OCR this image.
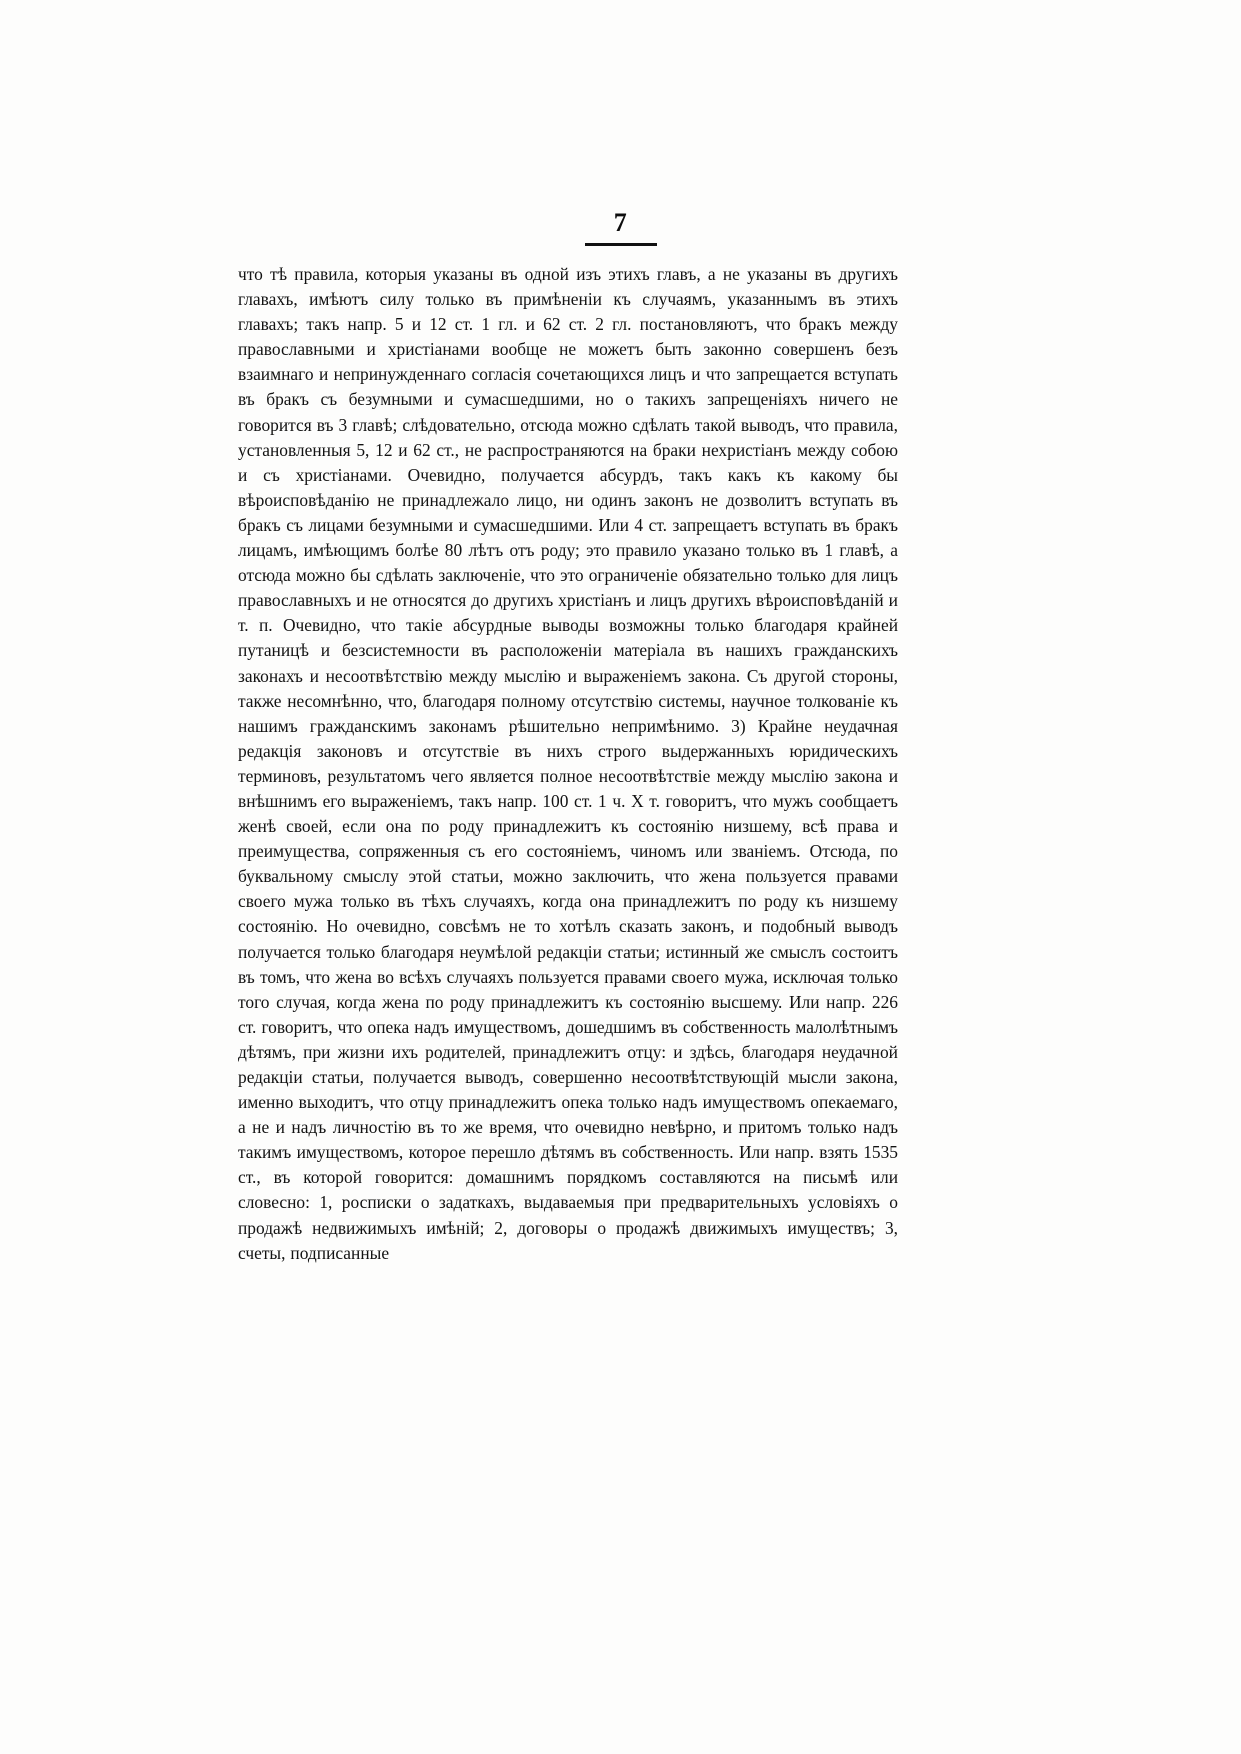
7

что тѣ правила, которыя указаны въ одной изъ этихъ главъ, а не указаны въ другихъ главахъ, имѣютъ силу только въ примѣненіи къ случаямъ, указаннымъ въ этихъ главахъ; такъ напр. 5 и 12 ст. 1 гл. и 62 ст. 2 гл. постановляютъ, что бракъ между православными и христіанами вообще не можетъ быть законно совершенъ безъ взаимнаго и непринужденнаго согласія сочетающихся лицъ и что запрещается вступать въ бракъ съ безумными и сумасшедшими, но о такихъ запрещеніяхъ ничего не говорится въ 3 главѣ; слѣдовательно, отсюда можно сдѣлать такой выводъ, что правила, установленныя 5, 12 и 62 ст., не распространяются на браки нехристіанъ между собою и съ христіанами. Очевидно, получается абсурдъ, такъ какъ къ какому бы вѣроисповѣданію не принадлежало лицо, ни одинъ законъ не дозволитъ вступать въ бракъ съ лицами безумными и сумасшедшими. Или 4 ст. запрещаетъ вступать въ бракъ лицамъ, имѣющимъ болѣе 80 лѣтъ отъ роду; это правило указано только въ 1 главѣ, а отсюда можно бы сдѣлать заключеніе, что это ограниченіе обязательно только для лицъ православныхъ и не относятся до другихъ христіанъ и лицъ другихъ вѣроисповѣданій и т. п. Очевидно, что такіе абсурдные выводы возможны только благодаря крайней путаницѣ и безсистемности въ расположеніи матеріала въ нашихъ гражданскихъ законахъ и несоотвѣтствію между мыслію и выраженіемъ закона. Съ другой стороны, также несомнѣнно, что, благодаря полному отсутствію системы, научное толкованіе къ нашимъ гражданскимъ законамъ рѣшительно непримѣнимо. 3) Крайне неудачная редакція законовъ и отсутствіе въ нихъ строго выдержанныхъ юридическихъ терминовъ, результатомъ чего является полное несоотвѣтствіе между мыслію закона и внѣшнимъ его выраженіемъ, такъ напр. 100 ст. 1 ч. X т. говоритъ, что мужъ сообщаетъ женѣ своей, если она по роду принадлежитъ къ состоянію низшему, всѣ права и преимущества, сопряженныя съ его состояніемъ, чиномъ или званіемъ. Отсюда, по буквальному смыслу этой статьи, можно заключить, что жена пользуется правами своего мужа только въ тѣхъ случаяхъ, когда она принадлежитъ по роду къ низшему состоянію. Но очевидно, совсѣмъ не то хотѣлъ сказать законъ, и подобный выводъ получается только благодаря неумѣлой редакціи статьи; истинный же смыслъ состоитъ въ томъ, что жена во всѣхъ случаяхъ пользуется правами своего мужа, исключая только того случая, когда жена по роду принадлежитъ къ состоянію высшему. Или напр. 226 ст. говоритъ, что опека надъ имуществомъ, дошедшимъ въ собственность малолѣтнымъ дѣтямъ, при жизни ихъ родителей, принадлежитъ отцу: и здѣсь, благодаря неудачной редакціи статьи, получается выводъ, совершенно несоотвѣтствующій мысли закона, именно выходитъ, что отцу принадлежитъ опека только надъ имуществомъ опекаемаго, а не и надъ личностію въ то же время, что очевидно невѣрно, и притомъ только надъ такимъ имуществомъ, которое перешло дѣтямъ въ собственность. Или напр. взять 1535 ст., въ которой говорится: домашнимъ порядкомъ составляются на письмѣ или словесно: 1, росписки о задаткахъ, выдаваемыя при предварительныхъ условіяхъ о продажѣ недвижимыхъ имѣній; 2, договоры о продажѣ движимыхъ имуществъ; 3, счеты, подписанные
